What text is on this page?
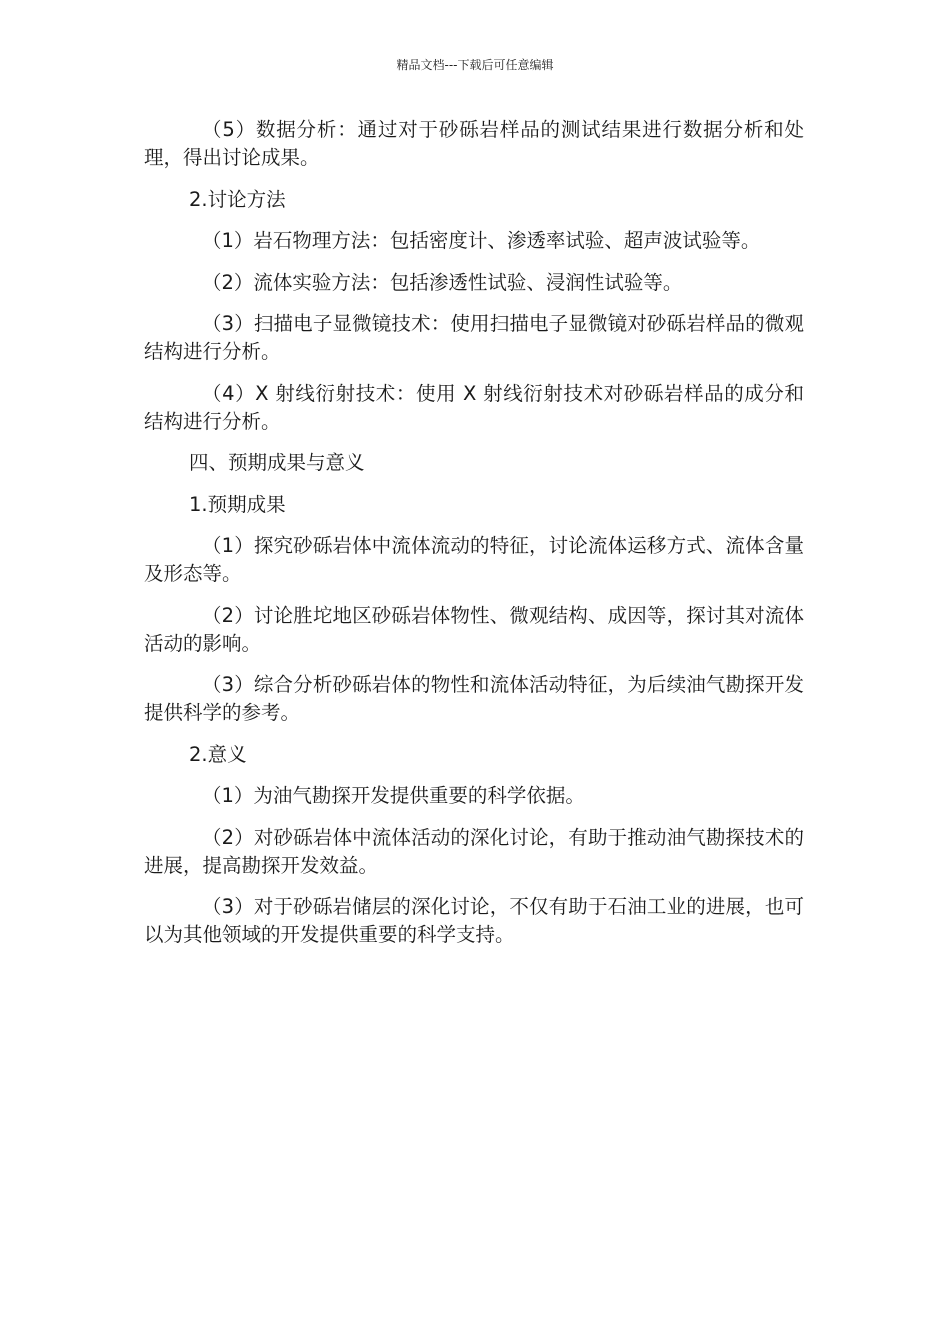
精品文档---下载后可任意编辑

（5）数据分析：通过对于砂砾岩样品的测试结果进行数据分析和处理，得出讨论成果。

2.讨论方法

（1）岩石物理方法：包括密度计、渗透率试验、超声波试验等。

（2）流体实验方法：包括渗透性试验、浸润性试验等。

（3）扫描电子显微镜技术：使用扫描电子显微镜对砂砾岩样品的微观结构进行分析。

（4）X 射线衍射技术：使用 X 射线衍射技术对砂砾岩样品的成分和结构进行分析。

四、预期成果与意义

1.预期成果

（1）探究砂砾岩体中流体流动的特征，讨论流体运移方式、流体含量及形态等。

（2）讨论胜坨地区砂砾岩体物性、微观结构、成因等，探讨其对流体活动的影响。

（3）综合分析砂砾岩体的物性和流体活动特征，为后续油气勘探开发提供科学的参考。

2.意义

（1）为油气勘探开发提供重要的科学依据。

（2）对砂砾岩体中流体活动的深化讨论，有助于推动油气勘探技术的进展，提高勘探开发效益。

（3）对于砂砾岩储层的深化讨论，不仅有助于石油工业的进展，也可以为其他领域的开发提供重要的科学支持。
